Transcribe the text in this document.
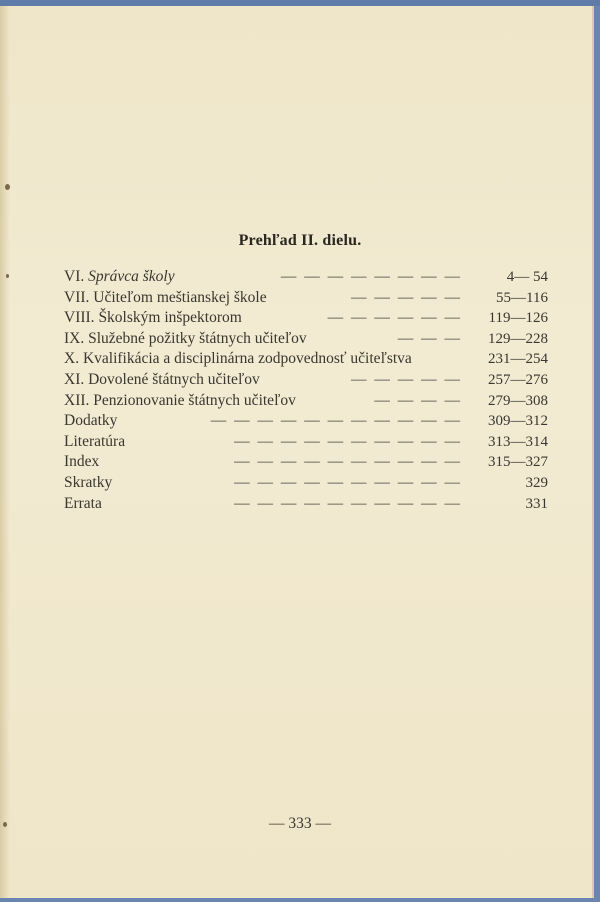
Prehľad II. dielu.
VI. Správca školy	— — — — — — — —	4— 54
VII. Učiteľom meštianskej škole	— — — — —	55—116
VIII. Školským inšpektorom	— — — — — —	119—126
IX. Služebné požitky štátnych učiteľov	— — —	129—228
X. Kvalifikácia a disciplinárna zodpovednosť učiteľstva	231—254
XI. Dovolené štátnych učiteľov	— — — — —	257—276
XII. Penzionovanie štátnych učiteľov	— — — —	279—308
Dodatky	— — — — — — — — — — —	309—312
Literatúra	— — — — — — — — — —	313—314
Index	— — — — — — — — — —	315—327
Skratky	— — — — — — — — — —	329
Errata	— — — — — — — — — —	331
— 333 —
